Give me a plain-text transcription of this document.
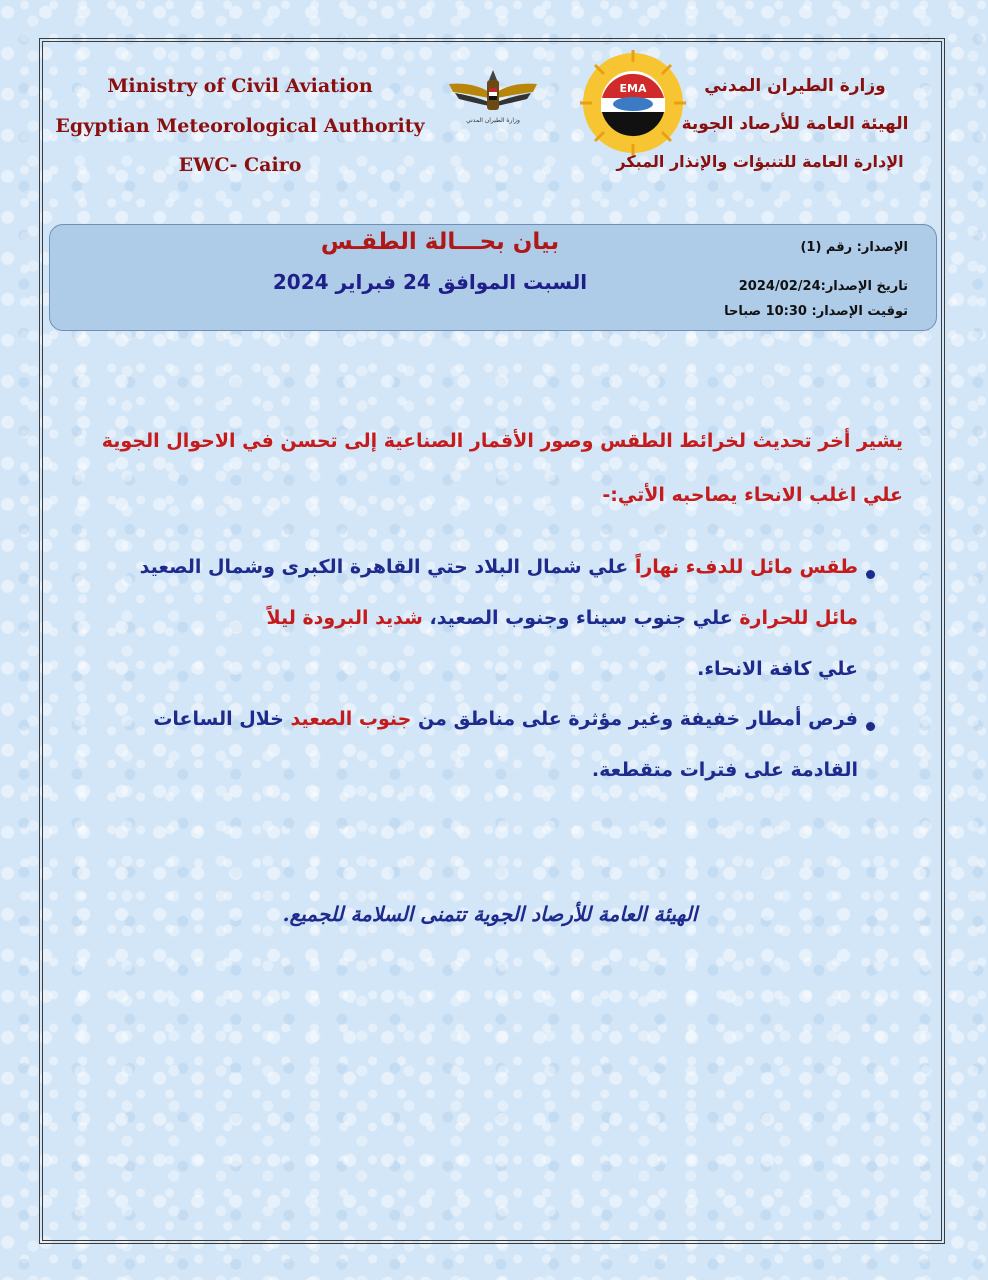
Ministry of Civil Aviation
Egyptian Meteorological Authority
EWC- Cairo
وزارة الطيران المدني
EMA	وزارة الطيران المدني
الهيئة العامة للأرصاد الجوية
الإدارة العامة للتنبؤات والإنذار المبكر
بيان بحـــالة الطقـس
السبت الموافق 24 فبراير 2024
الإصدار: رقم (1)
تاريخ الإصدار:2024/02/24
توقيت الإصدار: 10:30 صباحا
يشير أخر تحديث لخرائط الطقس وصور الأقمار الصناعية إلى تحسن في الاحوال الجوية
علي اغلب الانحاء يصاحبه الأتي:-
طقس مائل للدفء نهاراً علي شمال البلاد حتي القاهرة الكبرى وشمال الصعيد
مائل للحرارة علي جنوب سيناء وجنوب الصعيد، شديد البرودة ليلاً
علي كافة الانحاء.
فرص أمطار خفيفة وغير مؤثرة على مناطق من جنوب الصعيد خلال الساعات
القادمة على فترات متقطعة.
الهيئة العامة للأرصاد الجوية تتمنى السلامة للجميع.
